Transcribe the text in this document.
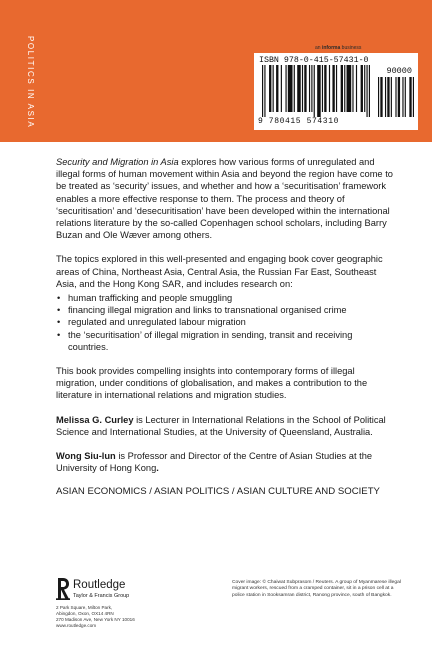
POLITICS IN ASIA	an informa business
ISBN 978-0-415-57431-0
90000
9 780415 574310

Security and Migration in Asia explores how various forms of unregulated and illegal forms of human movement within Asia and beyond the region have come to be treated as ‘security’ issues, and whether and how a ‘securitisation’ framework enables a more effective response to them. The process and theory of ‘securitisation’ and ‘desecuritisation’ have been developed within the international relations literature by the so-called Copenhagen school scholars, including Barry Buzan and Ole Wæver among others.

The topics explored in this well-presented and engaging book cover geographic areas of China, Northeast Asia, Central Asia, the Russian Far East, Southeast Asia, and the Hong Kong SAR, and includes research on:

• human trafficking and people smuggling
• financing illegal migration and links to transnational organised crime
• regulated and unregulated labour migration
• the ‘securitisation’ of illegal migration in sending, transit and receiving countries.

This book provides compelling insights into contemporary forms of illegal migration, under conditions of globalisation, and makes a contribution to the literature in international relations and migration studies.

Melissa G. Curley is Lecturer in International Relations in the School of Political Science and International Studies, at the University of Queensland, Australia.

Wong Siu-lun is Professor and Director of the Centre of Asian Studies at the University of Hong Kong.

ASIAN ECONOMICS / ASIAN POLITICS / ASIAN CULTURE AND SOCIETY

Routledge
Taylor & Francis Group
2 Park Square, Milton Park,
Abingdon, Oxon, OX14 4RN
270 Madison Ave, New York NY 10016
www.routledge.com
Cover image: © Chaiwat Subprasom / Reuters. A group of Myanmarese illegal migrant workers, rescued from a cramped container, sit in a prison cell at a police station in Sooksamran district, Ranong province, south of Bangkok.
